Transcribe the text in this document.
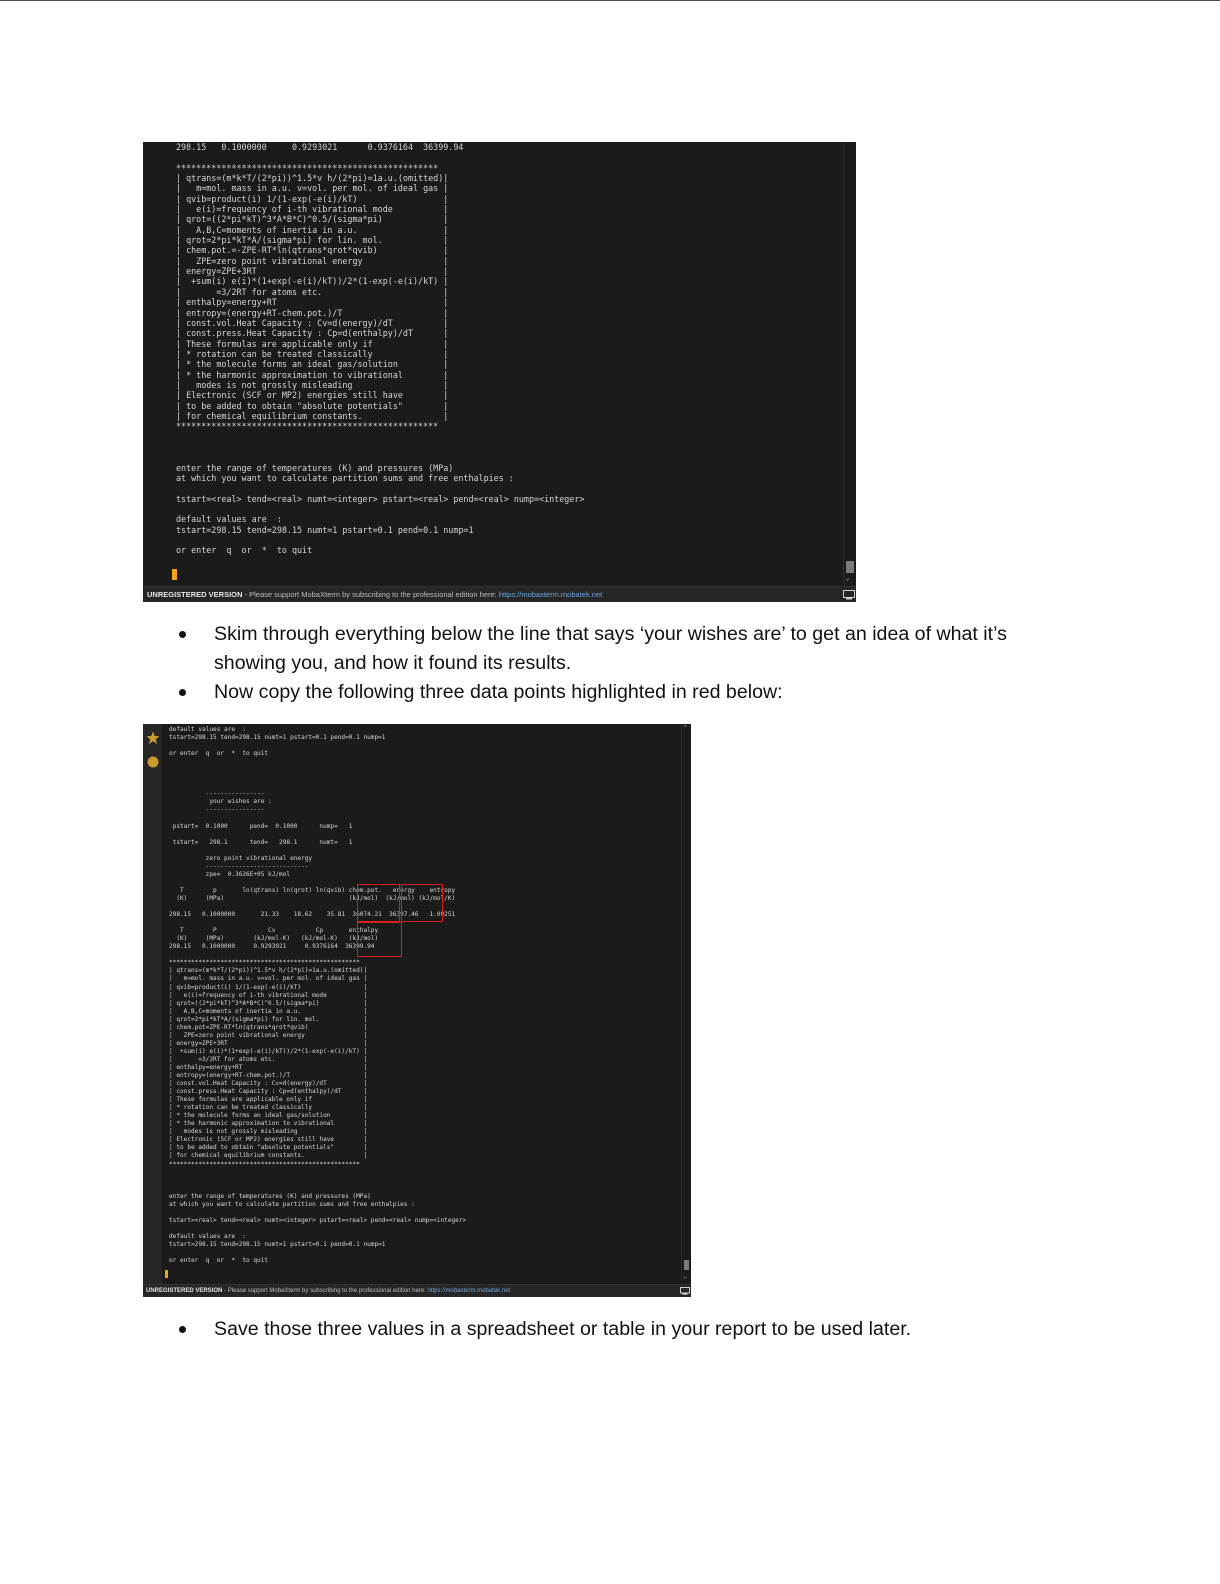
298.15   0.1000000     0.9293021      0.9376164  36399.94

****************************************************
| qtrans=(m*k*T/(2*pi))^1.5*v h/(2*pi)=1a.u.(omitted)|
|   m=mol. mass in a.u. v=vol. per mol. of ideal gas |
| qvib=product(i) 1/(1-exp(-e(i)/kT)                 |
|   e(i)=frequency of i-th vibrational mode          |
| qrot=((2*pi*kT)^3*A*B*C)^0.5/(sigma*pi)            |
|   A,B,C=moments of inertia in a.u.                 |
| qrot=2*pi*kT*A/(sigma*pi) for lin. mol.            |
| chem.pot.=-ZPE-RT*ln(qtrans*qrot*qvib)             |
|   ZPE=zero point vibrational energy                |
| energy=ZPE+3RT                                     |
|  +sum(i) e(i)*(1+exp(-e(i)/kT))/2*(1-exp(-e(i)/kT) |
|       =3/2RT for atoms etc.                        |
| enthalpy=energy+RT                                 |
| entropy=(energy+RT-chem.pot.)/T                    |
| const.vol.Heat Capacity : Cv=d(energy)/dT          |
| const.press.Heat Capacity : Cp=d(enthalpy)/dT      |
| These formulas are applicable only if              |
| * rotation can be treated classically              |
| * the molecule forms an ideal gas/solution         |
| * the harmonic approximation to vibrational        |
|   modes is not grossly misleading                  |
| Electronic (SCF or MP2) energies still have        |
| to be added to obtain "absolute potentials"        |
| for chemical equilibrium constants.                |
****************************************************

enter the range of temperatures (K) and pressures (MPa)
at which you want to calculate partition sums and free enthalpies :

tstart=<real> tend=<real> numt=<integer> pstart=<real> pend=<real> nump=<integer>

default values are  :
tstart=298.15 tend=298.15 numt=1 pstart=0.1 pend=0.1 nump=1

or enter  q  or  *  to quit
⌄
UNREGISTERED VERSION - Please support MobaXterm by subscribing to the professional edition here: https://mobaxterm.mobatek.net
Skim through everything below the line that says ‘your wishes are’ to get an idea of what it’s showing you, and how it found its results.
Now copy the following three data points highlighted in red below:
default values are  :
tstart=298.15 tend=298.15 numt=1 pstart=0.1 pend=0.1 nump=1

or enter  q  or  *  to quit

----------------
your wishes are :
----------------

pstart=  0.1000      pend=  0.1000      nump=   1

tstart=   298.1      tend=   298.1      numt=   1

zero point vibrational energy
----------------------------
zpe=  0.3626E+05 kJ/mol

T        p       ln(qtrans) ln(qrot) ln(qvib) chem.pot.   energy    entropy
(K)     (MPa)                                  (kJ/mol)  (kJ/mol) (kJ/mol/K)

298.15   0.1000000       21.33    18.62    35.81  36074.21  36397.46   1.09251

T        P              Cv           Cp       enthalpy
(K)     (MPa)        (kJ/mol-K)   (kJ/mol-K)   (kJ/mol)
298.15   0.1000000     0.9293021     0.9376164  36399.94

****************************************************
| qtrans=(m*k*T/(2*pi))^1.5*v h/(2*pi)=1a.u.(omitted)|
|   m=mol. mass in a.u. v=vol. per mol. of ideal gas |
| qvib=product(i) 1/(1-exp(-e(i)/kT)                 |
|   e(i)=frequency of i-th vibrational mode          |
| qrot=((2*pi*kT)^3*A*B*C)^0.5/(sigma*pi)            |
|   A,B,C=moments of inertia in a.u.                 |
| qrot=2*pi*kT*A/(sigma*pi) for lin. mol.            |
| chem.pot=ZPE-RT*ln(qtrans*qrot*qvib)               |
|   ZPE=zero point vibrational energy                |
| energy=ZPE+3RT                                     |
|  +sum(i) e(i)*(1+exp(-e(i)/kT))/2*(1-exp(-e(i)/kT) |
|       =3/2RT for atoms etc.                        |
| enthalpy=energy+RT                                 |
| entropy=(energy+RT-chem.pot.)/T                    |
| const.vol.Heat Capacity : Cv=d(energy)/dT          |
| const.press.Heat Capacity : Cp=d(enthalpy)/dT      |
| These formulas are applicable only if              |
| * rotation can be treated classically              |
| * the molecule forms an ideal gas/solution         |
| * the harmonic approximation to vibrational        |
|   modes is not grossly misleading                  |
| Electronic (SCF or MP2) energies still have        |
| to be added to obtain "absolute potentials"        |
| for chemical equilibrium constants.                |
****************************************************

enter the range of temperatures (K) and pressures (MPa)
at which you want to calculate partition sums and free enthalpies :

tstart=<real> tend=<real> numt=<integer> pstart=<real> pend=<real> nump=<integer>

default values are  :
tstart=298.15 tend=298.15 numt=1 pstart=0.1 pend=0.1 nump=1

or enter  q  or  *  to quit
⌃
⌄
UNREGISTERED VERSION - Please support MobaXterm by subscribing to the professional edition here: https://mobaxterm.mobatek.net
Save those three values in a spreadsheet or table in your report to be used later.
